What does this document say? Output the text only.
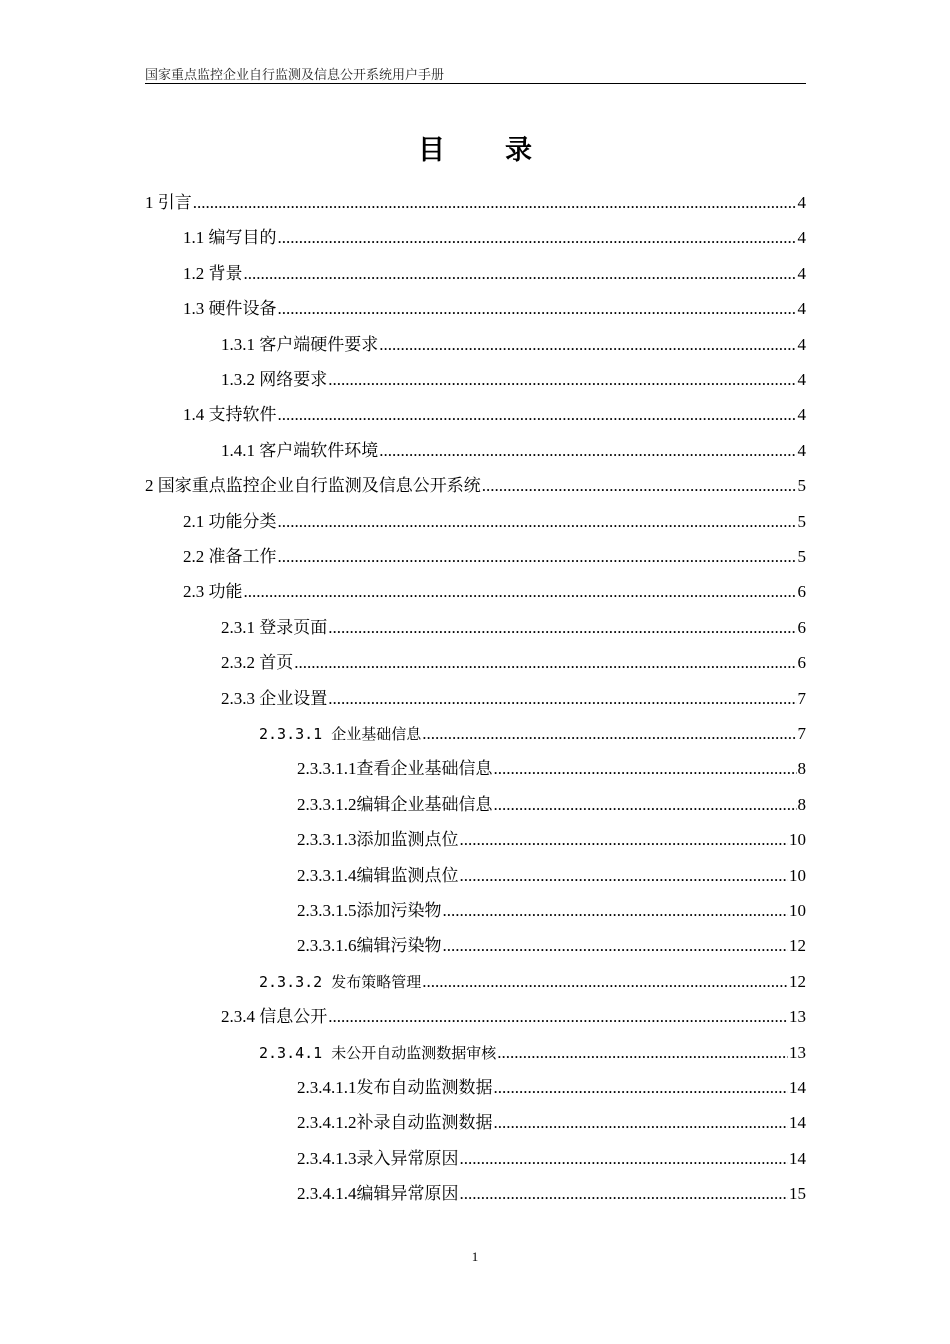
国家重点监控企业自行监测及信息公开系统用户手册
目录
1 引言 .....	4
1.1 编写目的 .....	4
1.2 背景 .....	4
1.3 硬件设备 .....	4
1.3.1 客户端硬件要求 .....	4
1.3.2 网络要求 .....	4
1.4 支持软件 .....	4
1.4.1 客户端软件环境 .....	4
2 国家重点监控企业自行监测及信息公开系统 .....	5
2.1 功能分类 .....	5
2.2 准备工作 .....	5
2.3 功能 .....	6
2.3.1 登录页面 .....	6
2.3.2 首页 .....	6
2.3.3 企业设置 .....	7
2.3.3.1 企业基础信息 .....	7
2.3.3.1.1查看企业基础信息 .....	8
2.3.3.1.2编辑企业基础信息 .....	8
2.3.3.1.3添加监测点位 .....	10
2.3.3.1.4编辑监测点位 .....	10
2.3.3.1.5添加污染物 .....	10
2.3.3.1.6编辑污染物 .....	12
2.3.3.2 发布策略管理 .....	12
2.3.4 信息公开 .....	13
2.3.4.1 未公开自动监测数据审核 .....	13
2.3.4.1.1发布自动监测数据 .....	14
2.3.4.1.2补录自动监测数据 .....	14
2.3.4.1.3录入异常原因 .....	14
2.3.4.1.4编辑异常原因 .....	15
1
